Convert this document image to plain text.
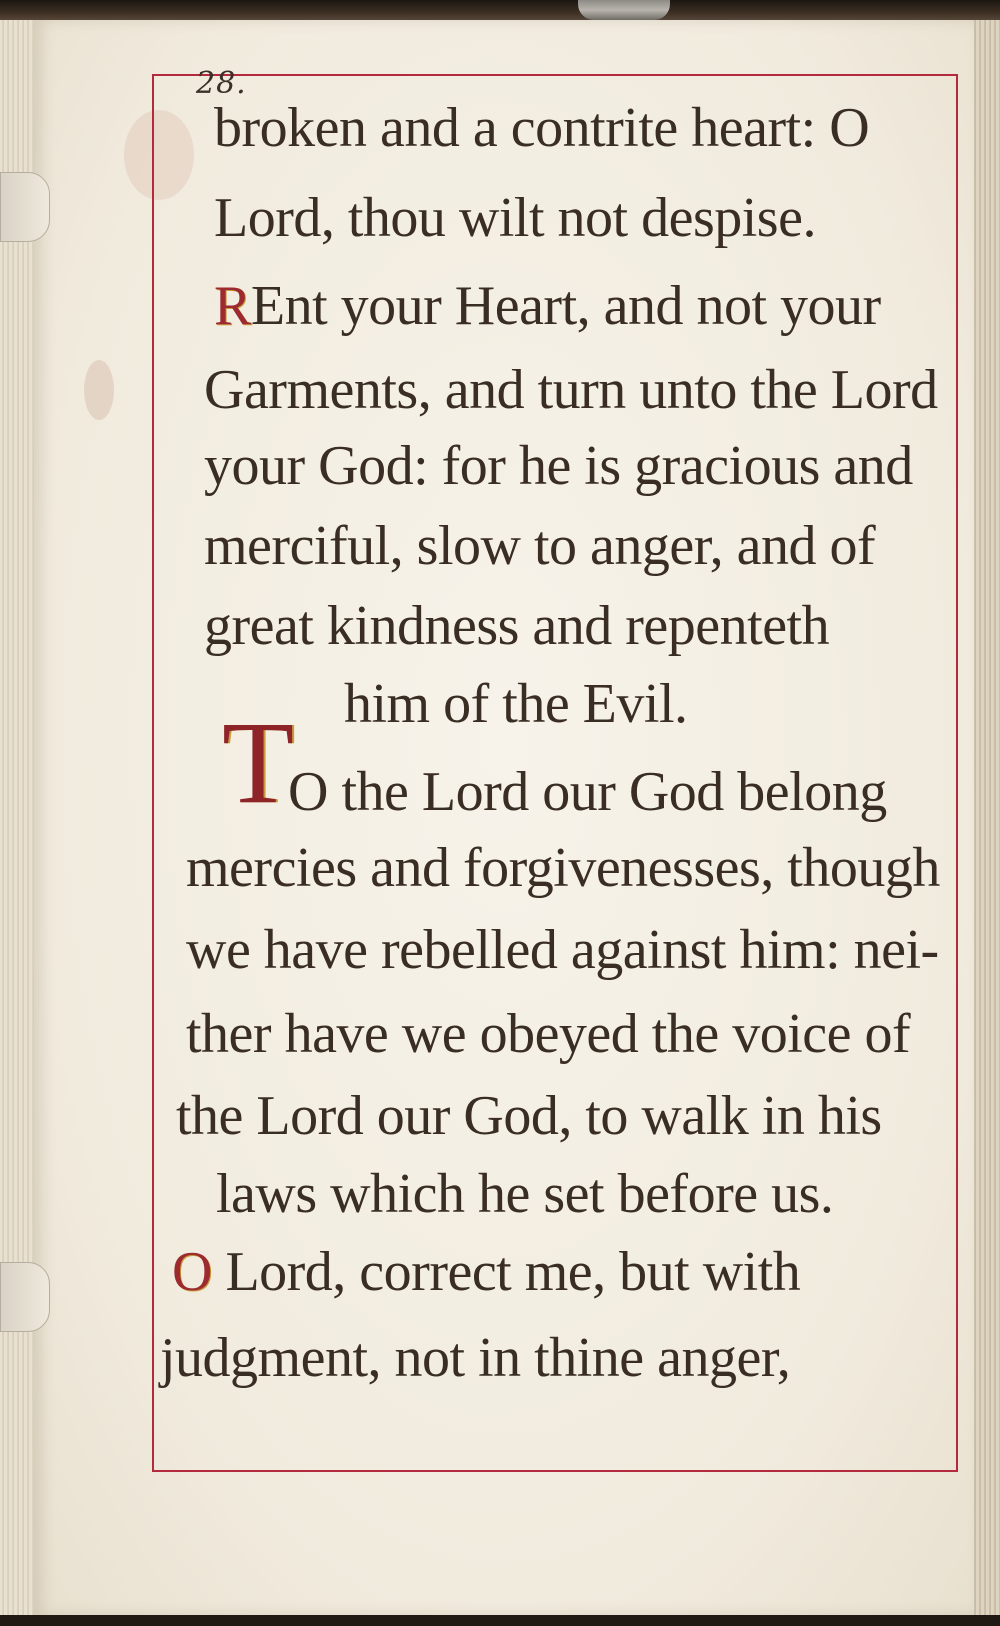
28.
broken and a contrite heart: O
Lord, thou wilt not despise.
REnt your Heart, and not your
Garments, and turn unto the Lord
your God: for he is gracious and
merciful, slow to anger, and of
great kindness and repenteth
him of the Evil.
T
O the Lord our God belong
mercies and forgivenesses, though
we have rebelled against him: nei-
ther have we obeyed the voice of
the Lord our God, to walk in his
laws which he set before us.
O Lord, correct me, but with
judgment, not in thine anger,
